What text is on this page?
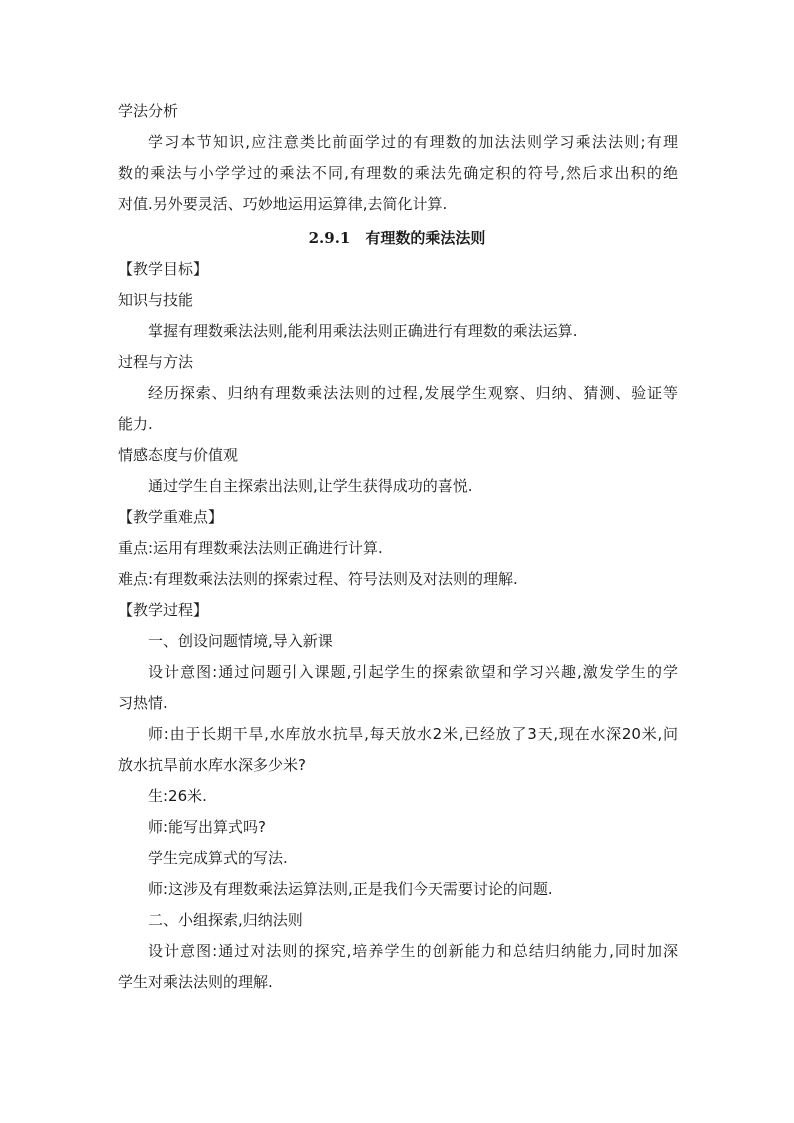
学法分析
学习本节知识,应注意类比前面学过的有理数的加法法则学习乘法法则;有理
数的乘法与小学学过的乘法不同,有理数的乘法先确定积的符号,然后求出积的绝
对值.另外要灵活、巧妙地运用运算律,去简化计算.
2.9.1　有理数的乘法法则
【教学目标】
知识与技能
掌握有理数乘法法则,能利用乘法法则正确进行有理数的乘法运算.
过程与方法
经历探索、归纳有理数乘法法则的过程,发展学生观察、归纳、猜测、验证等
能力.
情感态度与价值观
通过学生自主探索出法则,让学生获得成功的喜悦.
【教学重难点】
重点:运用有理数乘法法则正确进行计算.
难点:有理数乘法法则的探索过程、符号法则及对法则的理解.
【教学过程】
一、创设问题情境,导入新课
设计意图:通过问题引入课题,引起学生的探索欲望和学习兴趣,激发学生的学
习热情.
师:由于长期干旱,水库放水抗旱,每天放水2米,已经放了3天,现在水深20米,问
放水抗旱前水库水深多少米?
生:26米.
师:能写出算式吗?
学生完成算式的写法.
师:这涉及有理数乘法运算法则,正是我们今天需要讨论的问题.
二、小组探索,归纳法则
设计意图:通过对法则的探究,培养学生的创新能力和总结归纳能力,同时加深
学生对乘法法则的理解.
